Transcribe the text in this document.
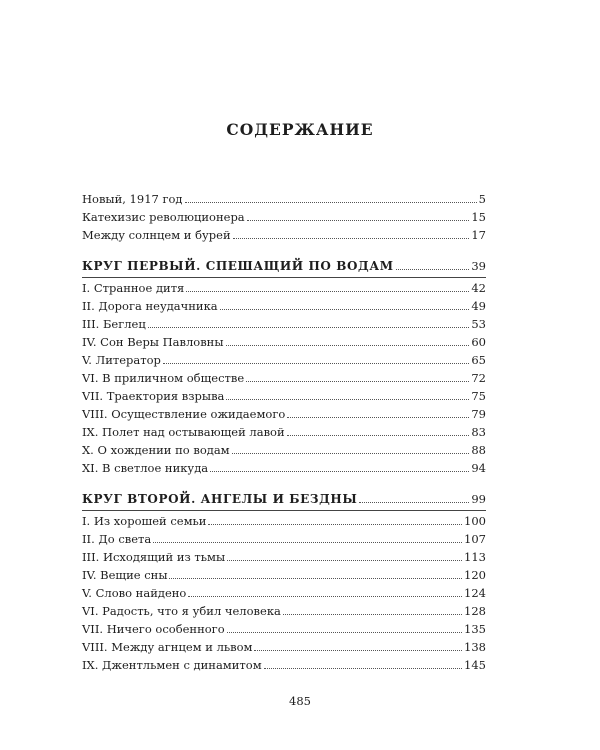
СОДЕРЖАНИЕ
Новый, 1917 год	5
Катехизис революционера	15
Между солнцем и бурей	17
КРУГ ПЕРВЫЙ. СПЕШАЩИЙ ПО ВОДАМ	39
I. Странное дитя	42
II. Дорога неудачника	49
III. Беглец	53
IV. Сон Веры Павловны	60
V. Литератор	65
VI. В приличном обществе	72
VII. Траектория взрыва	75
VIII. Осуществление ожидаемого	79
IX. Полет над остывающей лавой	83
X. О хождении по водам	88
XI. В светлое никуда	94
КРУГ ВТОРОЙ. АНГЕЛЫ И БЕЗДНЫ	99
I. Из хорошей семьи	100
II. До света	107
III. Исходящий из тьмы	113
IV. Вещие сны	120
V. Слово найдено	124
VI. Радость, что я убил человека	128
VII. Ничего особенного	135
VIII. Между агнцем и львом	138
IX. Джентльмен с динамитом	145
485
